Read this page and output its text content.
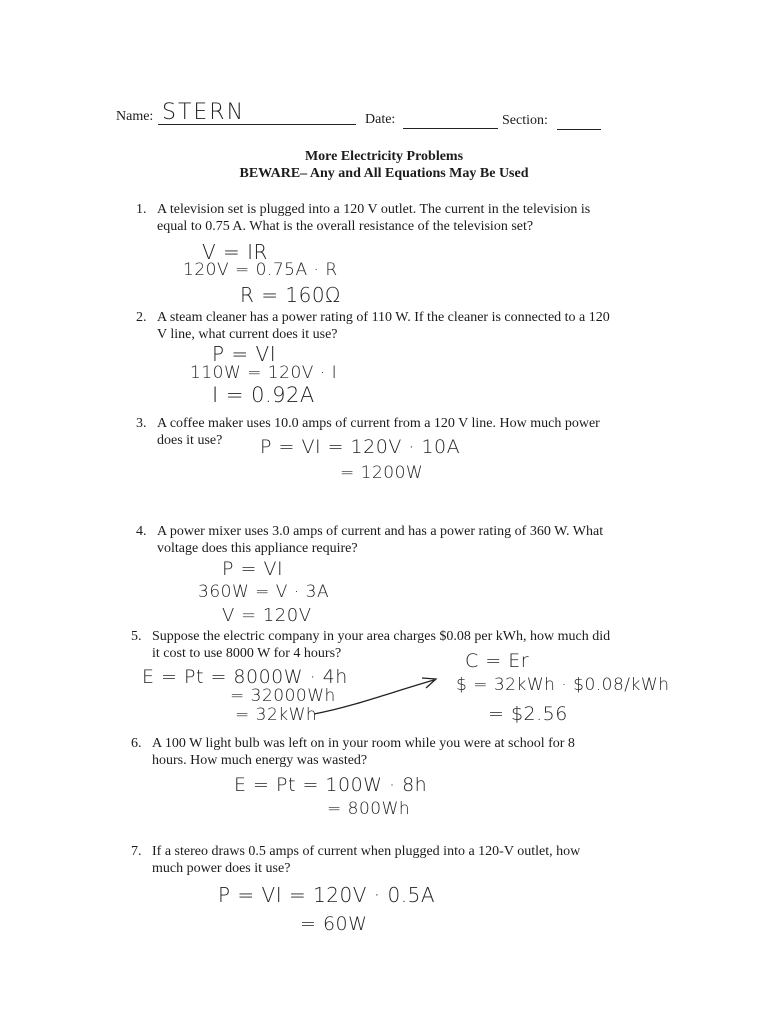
Name: STERN	Date:	Section:
More Electricity Problems
BEWARE– Any and All Equations May Be Used
1. A television set is plugged into a 120 V outlet. The current in the television is
equal to 0.75 A. What is the overall resistance of the television set?
V = IR
120V = 0.75A · R
R = 160Ω
2. A steam cleaner has a power rating of 110 W. If the cleaner is connected to a 120
V line, what current does it use?
P = VI
110W = 120V · I
I = 0.92A
3. A coffee maker uses 10.0 amps of current from a 120 V line. How much power
does it use? P = VI = 120V · 10A
= 1200W
4. A power mixer uses 3.0 amps of current and has a power rating of 360 W. What
voltage does this appliance require?
P = VI
360W = V · 3A
V = 120V
5. Suppose the electric company in your area charges $0.08 per kWh, how much did
it cost to use 8000 W for 4 hours?
E = Pt = 8000W · 4h
= 32000Wh
= 32kWh
C = Er
$ = 32kWh · $0.08/kWh
= $2.56
6. A 100 W light bulb was left on in your room while you were at school for 8
hours. How much energy was wasted?
E = Pt = 100W · 8h
= 800Wh
7. If a stereo draws 0.5 amps of current when plugged into a 120-V outlet, how
much power does it use?
P = VI = 120V · 0.5A
= 60W
